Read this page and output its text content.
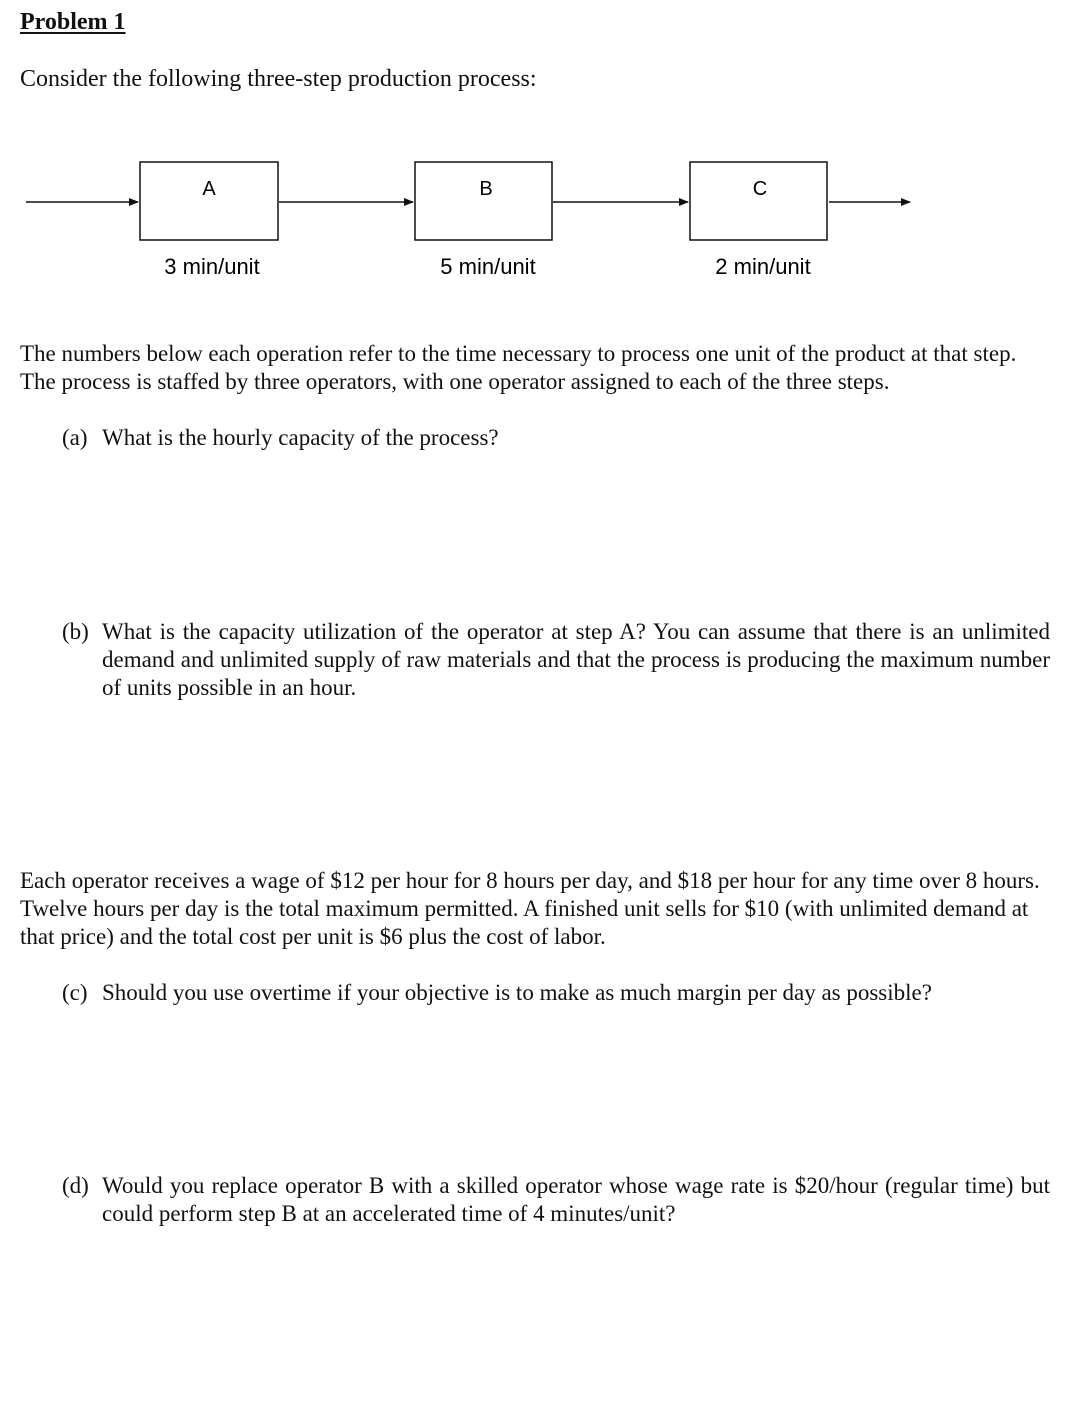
Problem 1
Consider the following three-step production process:
A
3 min/unit
B
5 min/unit
C
2 min/unit
The numbers below each operation refer to the time necessary to process one unit of the product at that step. The process is staffed by three operators, with one operator assigned to each of the three steps.
(a) What is the hourly capacity of the process?
(b) What is the capacity utilization of the operator at step A? You can assume that there is an unlimited demand and unlimited supply of raw materials and that the process is producing the maximum number of units possible in an hour.
Each operator receives a wage of $12 per hour for 8 hours per day, and $18 per hour for any time over 8 hours. Twelve hours per day is the total maximum permitted. A finished unit sells for $10 (with unlimited demand at that price) and the total cost per unit is $6 plus the cost of labor.
(c) Should you use overtime if your objective is to make as much margin per day as possible?
(d) Would you replace operator B with a skilled operator whose wage rate is $20/hour (regular time) but could perform step B at an accelerated time of 4 minutes/unit?
